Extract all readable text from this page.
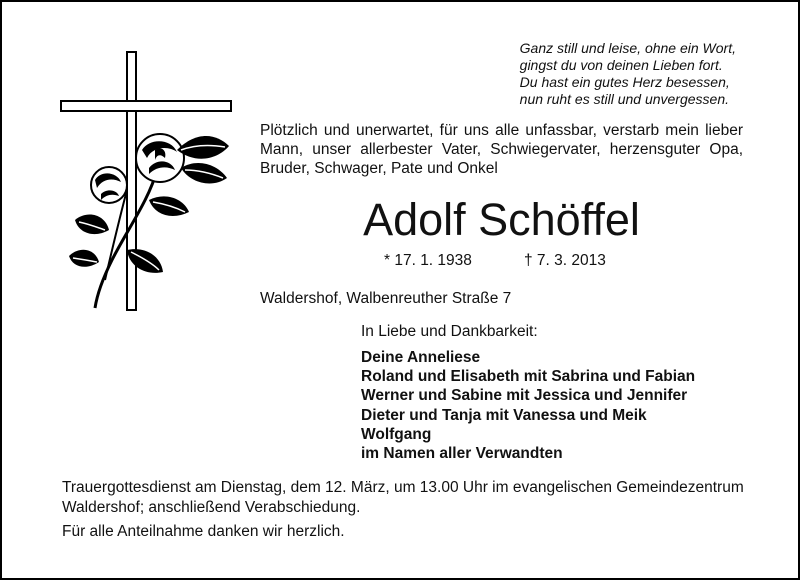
Ganz still und leise, ohne ein Wort,
gingst du von deinen Lieben fort.
Du hast ein gutes Herz besessen,
nun ruht es still und unvergessen.
Plötzlich und unerwartet, für uns alle unfassbar, verstarb mein lieber Mann, unser allerbester Vater, Schwiegervater, herzensguter Opa, Bruder, Schwager, Pate und Onkel
Adolf Schöffel
* 17. 1. 1938	† 7. 3. 2013
Waldershof, Walbenreuther Straße 7
In Liebe und Dankbarkeit:
Deine Anneliese
Roland und Elisabeth mit Sabrina und Fabian
Werner und Sabine mit Jessica und Jennifer
Dieter und Tanja mit Vanessa und Meik
Wolfgang
im Namen aller Verwandten
Trauergottesdienst am Dienstag, dem 12. März, um 13.00 Uhr im evangelischen Gemeindezentrum Waldershof; anschließend Verabschiedung.
Für alle Anteilnahme danken wir herzlich.
